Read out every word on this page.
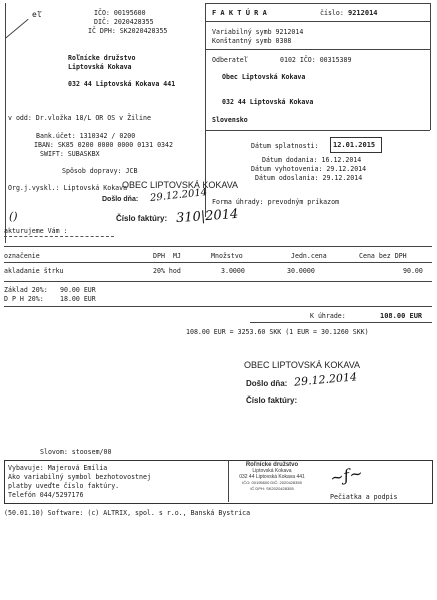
eľ	IČO: 00195600
DIČ: 2020428355
IČ DPH: SK2020428355
Roľnícke družstvo
Liptovská Kokava
032 44 Liptovská Kokava 441
v odd: Dr.vložka 18/L OR OS v Žiline
Bank.účet: 1310342 / 0200
IBAN: SK85 0200 0000 0000 0131 0342
SWIFT: SUBASKBX
F A K T Ú R A	číslo: 9212014
Variabilný symb 9212014
Konštantný symb 0308
Odberateľ	0102 IČO: 00315389
Obec Liptovská Kokava
032 44 Liptovská Kokava
Slovensko
Dátum splatnosti: 12.01.2015
Dátum dodania: 16.12.2014
Dátum vyhotovenia: 29.12.2014
Dátum odoslania: 29.12.2014
Spôsob dopravy: JCB
Org.j.vyskl.: Liptovská Kokava
Forma úhrady: prevodným príkazom
OBEC LIPTOVSKÁ KOKAVA
Došlo dňa: 29.12.2014
Číslo faktúry: 310|2014
()
akturujeme Vám :
označenie	DPH MJ	Množstvo	Jedn.cena	Cena bez DPH
akladanie štrku	20% hod	3.0000	30.0000	90.00
Základ 20%: 90.00 EUR
D P H 20%: 18.00 EUR
K úhrade:	108.00 EUR
108.00 EUR = 3253.60 SKK (1 EUR = 30.1260 SKK)
OBEC LIPTOVSKÁ KOKAVA
Došlo dňa: 29.12.2014
Číslo faktúry:
Slovom: stoosem/00
Vybavuje: Majerová Emília
Ako variabilný symbol bezhotovostnej
platby uveďte číslo faktúry.
Telefón 044/5297176
Roľnícke družstvo
Liptovská Kokava
032 44 Liptovská Kokava 441
IČO: 00195600 DIČ: 2020428355
IČ DPH: SK2020428355
~ƒ~
Pečiatka a podpis
(50.01.10) Software: (c) ALTRIX, spol. s r.o., Banská Bystrica
